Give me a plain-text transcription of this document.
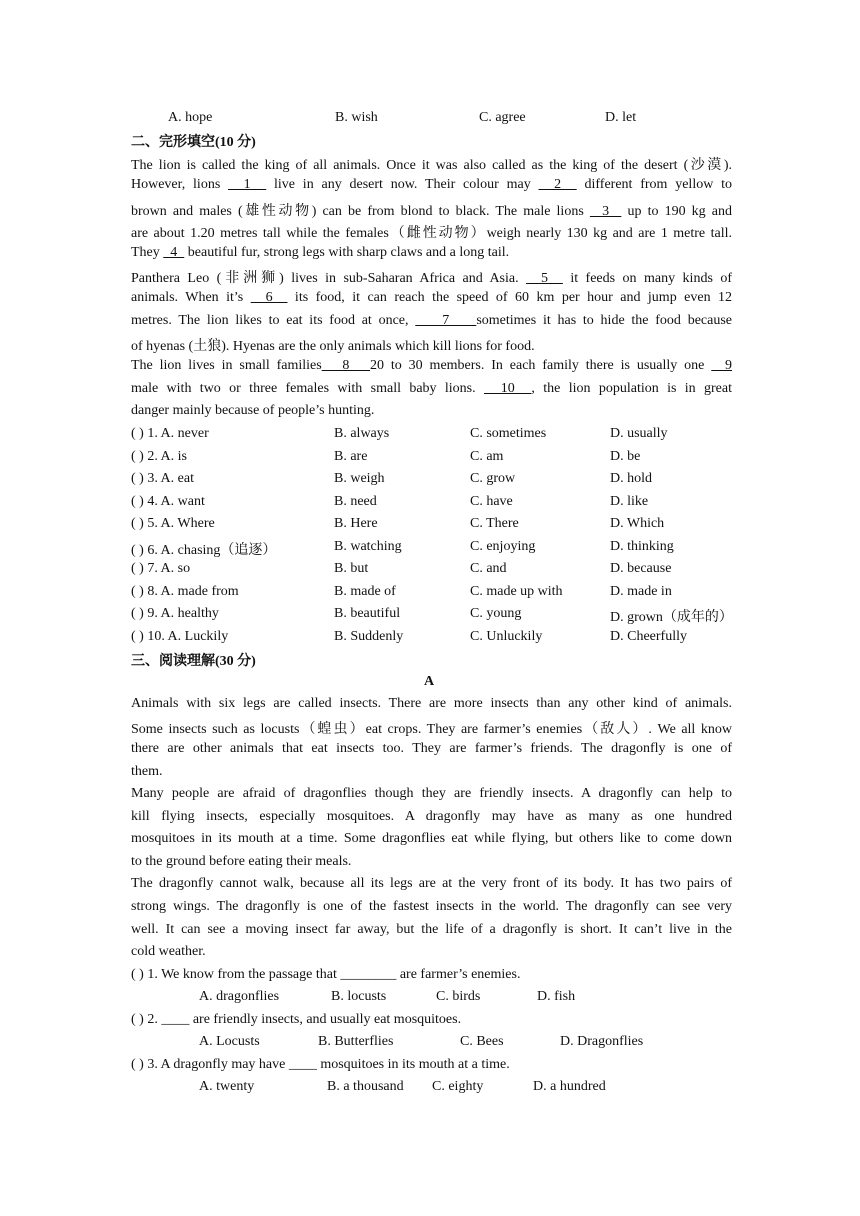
A. hope	B. wish	C. agree	D. let
二、完形填空(10 分)
The lion is called the king of all animals. Once it was also called as the king of the desert (沙漠).
However, lions   1   live in any desert now. Their colour may   2   different from yellow to
brown and males (雄性动物) can be from blond to black. The male lions   3   up to 190 kg and
are about 1.20 metres tall while the females（雌性动物）weigh nearly 130 kg and are 1 metre tall.
They   4   beautiful fur, strong legs with sharp claws and a long tail.
Panthera Leo (非洲狮) lives in sub-Saharan Africa and Asia.   5   it feeds on many kinds of
animals. When it’s   6   its food, it can reach the speed of 60 km per hour and jump even 12
metres. The lion likes to eat its food at once,     7    sometimes it has to hide the food because
of hyenas (土狼). Hyenas are the only animals which kill lions for food.
The lion lives in small families   8   20 to 30 members. In each family there is usually one   9
male with two or three females with small baby lions.   10  , the lion population is in great
danger mainly because of people’s hunting.
( ) 1. A. never	B. always	C. sometimes	D. usually
( ) 2. A. is	B. are	C. am	D. be
( ) 3. A. eat	B. weigh	C. grow	D. hold
( ) 4. A. want	B. need	C. have	D. like
( ) 5. A. Where	B. Here	C. There	D. Which
( ) 6. A. chasing（追逐）	B. watching	C. enjoying	D. thinking
( ) 7. A. so	B. but	C. and	D. because
( ) 8. A. made from	B. made of	C. made up with	D. made in
( ) 9. A. healthy	B. beautiful	C. young	D. grown（成年的）
( ) 10. A. Luckily	B. Suddenly	C. Unluckily	D. Cheerfully
三、阅读理解(30 分)
A
Animals with six legs are called insects. There are more insects than any other kind of animals.
Some insects such as locusts（蝗虫）eat crops. They are farmer’s enemies（敌人）. We all know
there are other animals that eat insects too. They are farmer’s friends. The dragonfly is one of
them.
Many people are afraid of dragonflies though they are friendly insects. A dragonfly can help to
kill flying insects, especially mosquitoes. A dragonfly may have as many as one hundred
mosquitoes in its mouth at a time. Some dragonflies eat while flying, but others like to come down
to the ground before eating their meals.
The dragonfly cannot walk, because all its legs are at the very front of its body. It has two pairs of
strong wings. The dragonfly is one of the fastest insects in the world. The dragonfly can see very
well. It can see a moving insect far away, but the life of a dragonfly is short. It can’t live in the
cold weather.
( ) 1. We know from the passage that ________ are farmer’s enemies.
A. dragonflies	B. locusts	C. birds	D. fish
( ) 2. ____ are friendly insects, and usually eat mosquitoes.
A. Locusts	B. Butterflies	C. Bees	D. Dragonflies
( ) 3. A dragonfly may have ____ mosquitoes in its mouth at a time.
A. twenty	B. a thousand C. eighty	D. a hundred
